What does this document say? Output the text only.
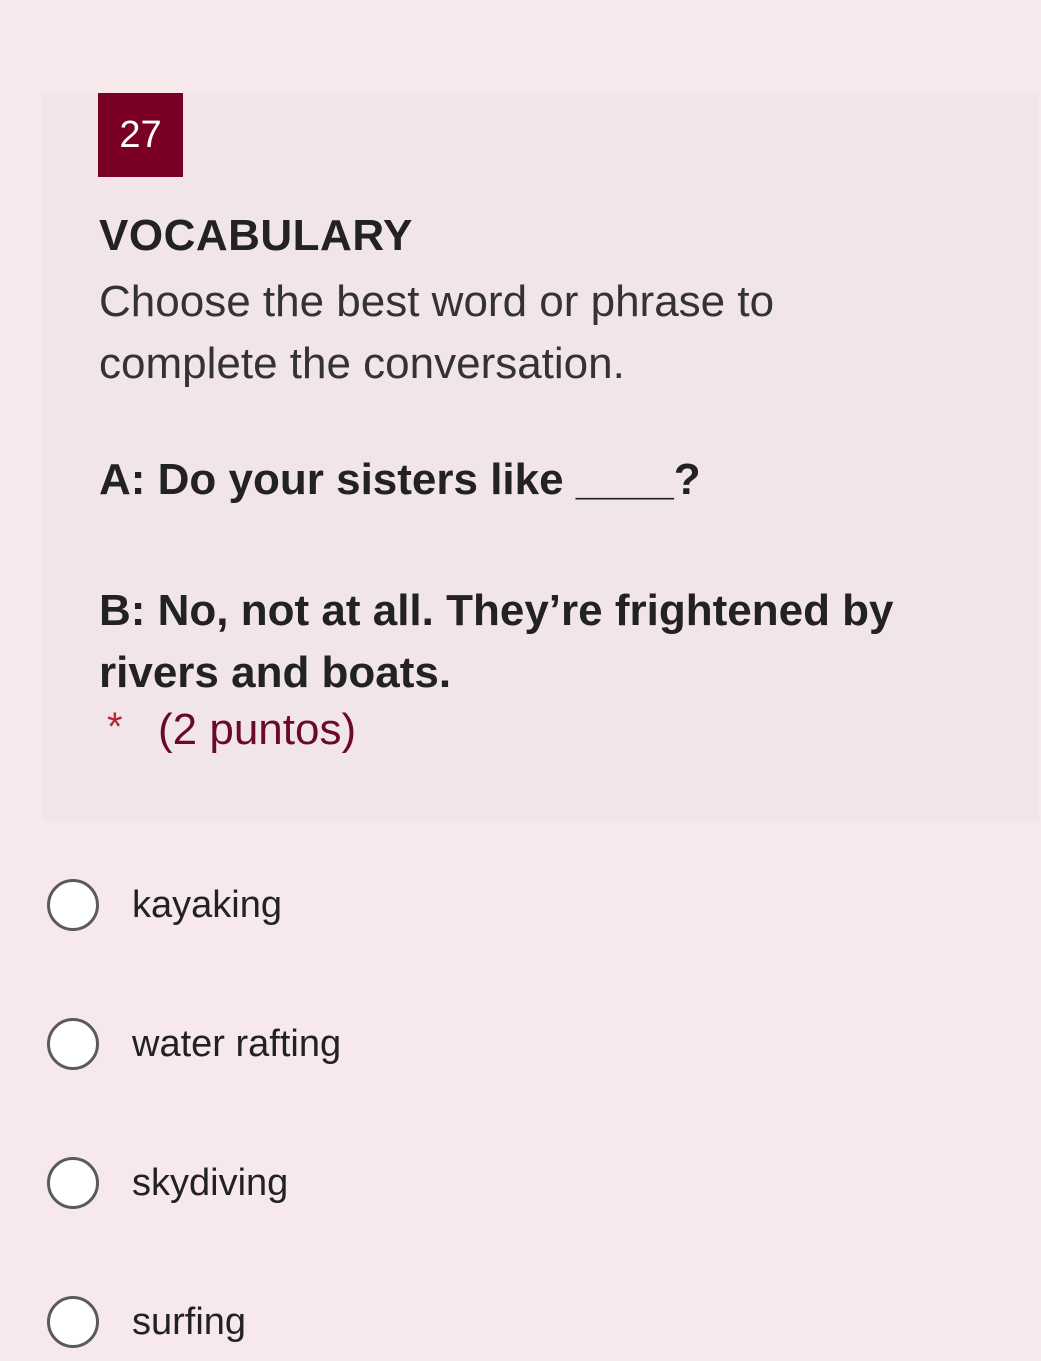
27
VOCABULARY
Choose the best word or phrase to complete the conversation.
A: Do your sisters like ____?
B: No, not at all. They’re frightened by rivers and boats.
* (2 puntos)
kayaking
water rafting
skydiving
surfing
